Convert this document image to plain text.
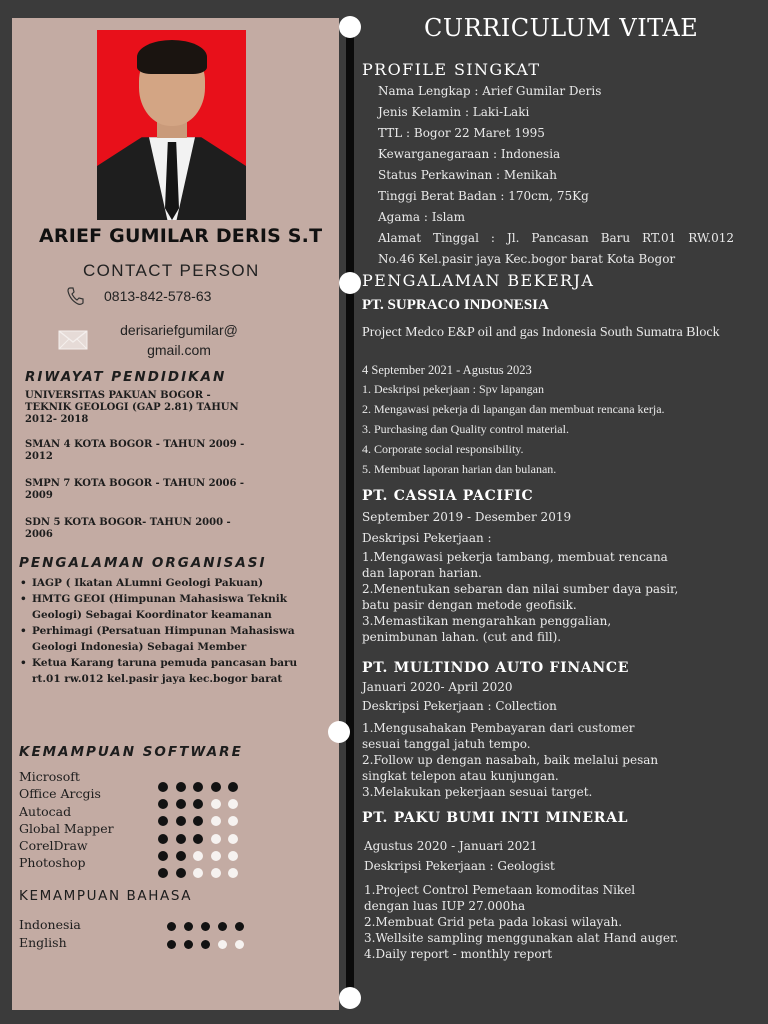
ARIEF GUMILAR DERIS S.T
CONTACT PERSON
0813-842-578-63
derisariefgumilar@
gmail.com
RIWAYAT PENDIDIKAN
UNIVERSITAS PAKUAN BOGOR -
TEKNIK GEOLOGI (GAP 2.81) TAHUN
2012- 2018
SMAN 4 KOTA BOGOR - TAHUN 2009 -
2012
SMPN 7 KOTA BOGOR - TAHUN 2006 -
2009
SDN 5 KOTA BOGOR- TAHUN 2000 -
2006
PENGALAMAN ORGANISASI
• IAGP ( Ikatan ALumni Geologi Pakuan)
• HMTG GEOI (Himpunan Mahasiswa Teknik Geologi) Sebagai Koordinator keamanan
• Perhimagi (Persatuan Himpunan Mahasiswa Geologi Indonesia) Sebagai Member
• Ketua Karang taruna pemuda pancasan baru rt.01 rw.012 kel.pasir jaya kec.bogor barat
KEMAMPUAN SOFTWARE
Microsoft
Office Arcgis
Autocad
Global Mapper
CorelDraw
Photoshop
KEMAMPUAN BAHASA
Indonesia
English
CURRICULUM VITAE
PROFILE SINGKAT
Nama Lengkap : Arief Gumilar Deris
Jenis Kelamin : Laki-Laki
TTL : Bogor 22 Maret 1995
Kewarganegaraan : Indonesia
Status Perkawinan : Menikah
Tinggi Berat Badan : 170cm, 75Kg
Agama : Islam
Alamat Tinggal : Jl. Pancasan Baru RT.01 RW.012
No.46 Kel.pasir jaya Kec.bogor barat Kota Bogor
PENGALAMAN BEKERJA
PT. SUPRACO INDONESIA
Project Medco E&P oil and gas Indonesia South Sumatra Block
4 September 2021 - Agustus 2023
1. Deskripsi pekerjaan : Spv lapangan
2. Mengawasi pekerja di lapangan dan membuat rencana kerja.
3. Purchasing dan Quality control material.
4. Corporate social responsibility.
5. Membuat laporan harian dan bulanan.
PT. CASSIA PACIFIC
September 2019 - Desember 2019
Deskripsi Pekerjaan :
1.Mengawasi pekerja tambang, membuat rencana
dan laporan harian.
2.Menentukan sebaran dan nilai sumber daya pasir,
batu pasir dengan metode geofisik.
3.Memastikan mengarahkan penggalian,
penimbunan lahan. (cut and fill).
PT. MULTINDO AUTO FINANCE
Januari 2020- April 2020
Deskripsi Pekerjaan : Collection
1.Mengusahakan Pembayaran dari customer
sesuai tanggal jatuh tempo.
2.Follow up dengan nasabah, baik melalui pesan
singkat telepon atau kunjungan.
3.Melakukan pekerjaan sesuai target.
PT. PAKU BUMI INTI MINERAL
Agustus 2020 - Januari 2021
Deskripsi Pekerjaan : Geologist
1.Project Control Pemetaan komoditas Nikel
dengan luas IUP 27.000ha
2.Membuat Grid peta pada lokasi wilayah.
3.Wellsite sampling menggunakan alat Hand auger.
4.Daily report - monthly report
